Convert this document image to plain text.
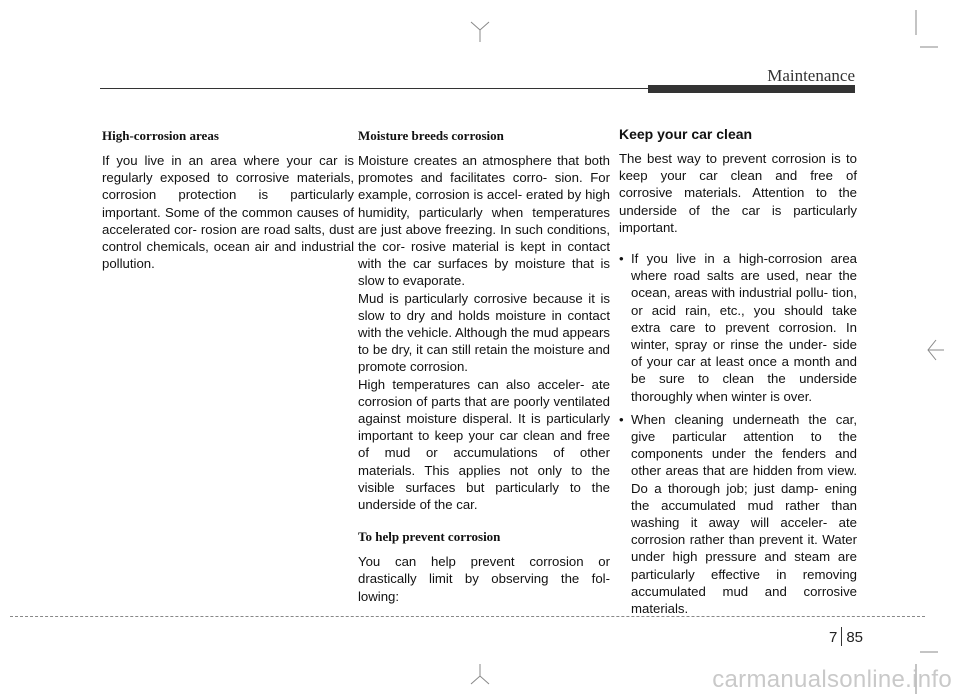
Maintenance
High-corrosion areas

If you live in an area where your car is regularly exposed to corrosive materials, corrosion protection is particularly important. Some of the common causes of accelerated cor- rosion are road salts, dust control chemicals, ocean air and industrial pollution.

Moisture breeds corrosion

Moisture creates an atmosphere that both promotes and facilitates corro- sion. For example, corrosion is accel- erated by high humidity, particularly when temperatures are just above freezing. In such conditions, the cor- rosive material is kept in contact with the car surfaces by moisture that is slow to evaporate.

Mud is particularly corrosive because it is slow to dry and holds moisture in contact with the vehicle. Although the mud appears to be dry, it can still retain the moisture and promote corrosion.

High temperatures can also acceler- ate corrosion of parts that are poorly ventilated against moisture disperal. It is particularly important to keep your car clean and free of mud or accumulations of other materials. This applies not only to the visible surfaces but particularly to the underside of the car.

To help prevent corrosion

You can help prevent corrosion or drastically limit by observing the fol- lowing:

Keep your car clean

The best way to prevent corrosion is to keep your car clean and free of corrosive materials. Attention to the underside of the car is particularly important.

• If you live in a high-corrosion area where road salts are used, near the ocean, areas with industrial pollu- tion, or acid rain, etc., you should take extra care to prevent corrosion. In winter, spray or rinse the under- side of your car at least once a month and be sure to clean the underside thoroughly when winter is over.
• When cleaning underneath the car, give particular attention to the components under the fenders and other areas that are hidden from view. Do a thorough job; just damp- ening the accumulated mud rather than washing it away will acceler- ate corrosion rather than prevent it. Water under high pressure and steam are particularly effective in removing accumulated mud and corrosive materials.
7 85
carmanualsonline.info
